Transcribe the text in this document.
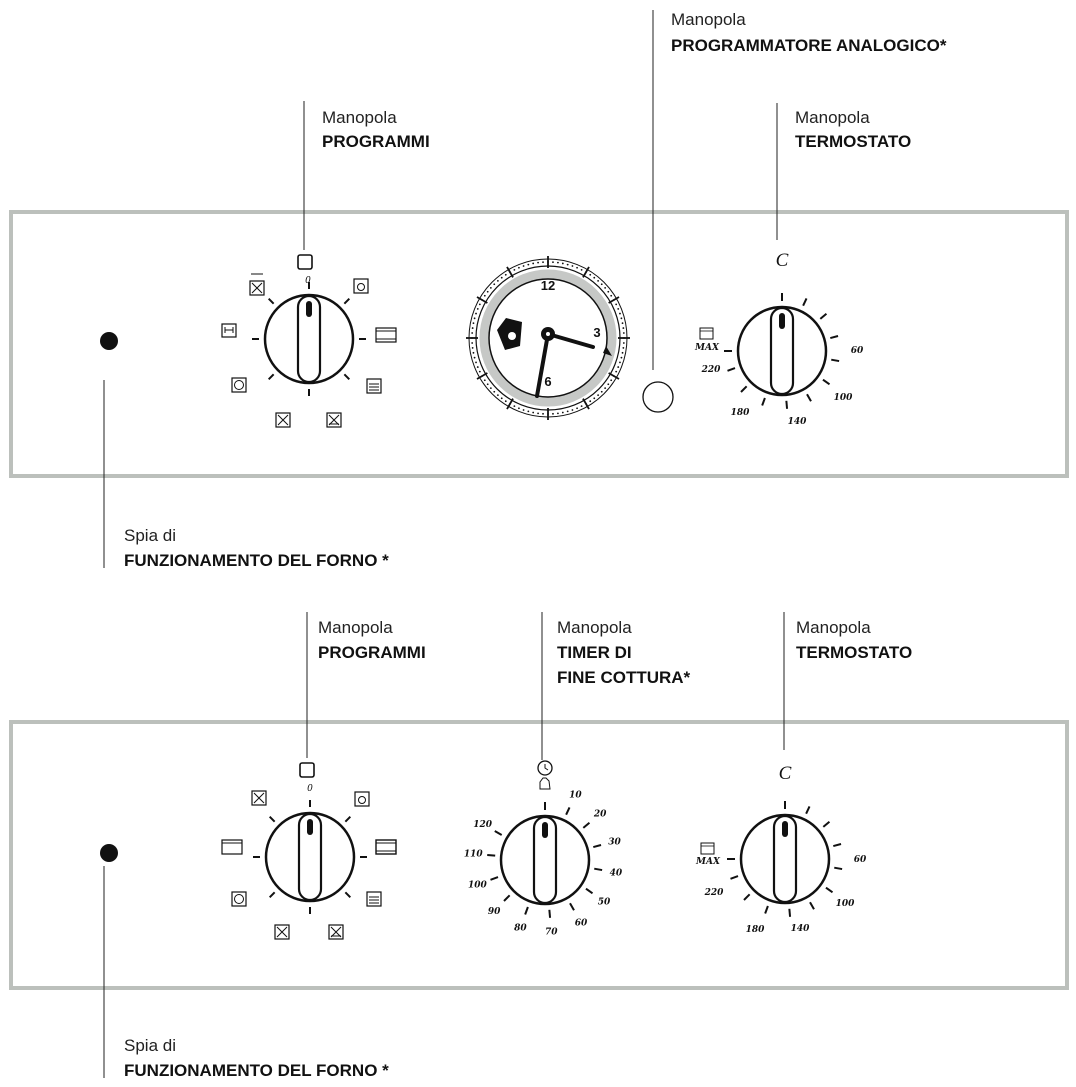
Manopola
PROGRAMMI
Manopola
PROGRAMMATORE ANALOGICO*
Manopola
TERMOSTATO
Spia di
FUNZIONAMENTO DEL FORNO *
0	12
3
6
C
MAX	60
100
140
180
220
Manopola
PROGRAMMI
Manopola
TIMER DI
FINE COTTURA*
Manopola
TERMOSTATO
Spia di
FUNZIONAMENTO DEL FORNO *
0
10
20
30
40
50
60
70
80
90
100
110
120
C
MAX	60
100
140
180
220
